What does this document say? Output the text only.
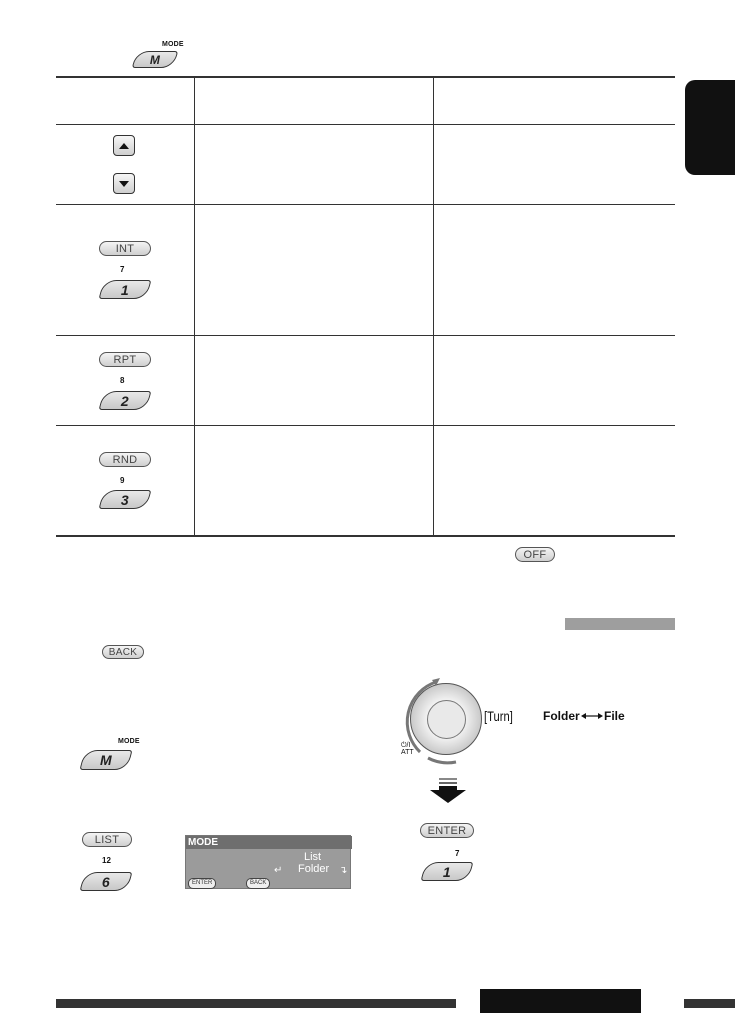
MODE
M
INT
7
1
RPT
8
2
RND
9
3
OFF
BACK
MODE
M
LIST
12
6
MODE
List
Folder
↵	↴
ENTER	BACK
⏻/I
ATT
[Turn]	Folder File
ENTER
7
1
